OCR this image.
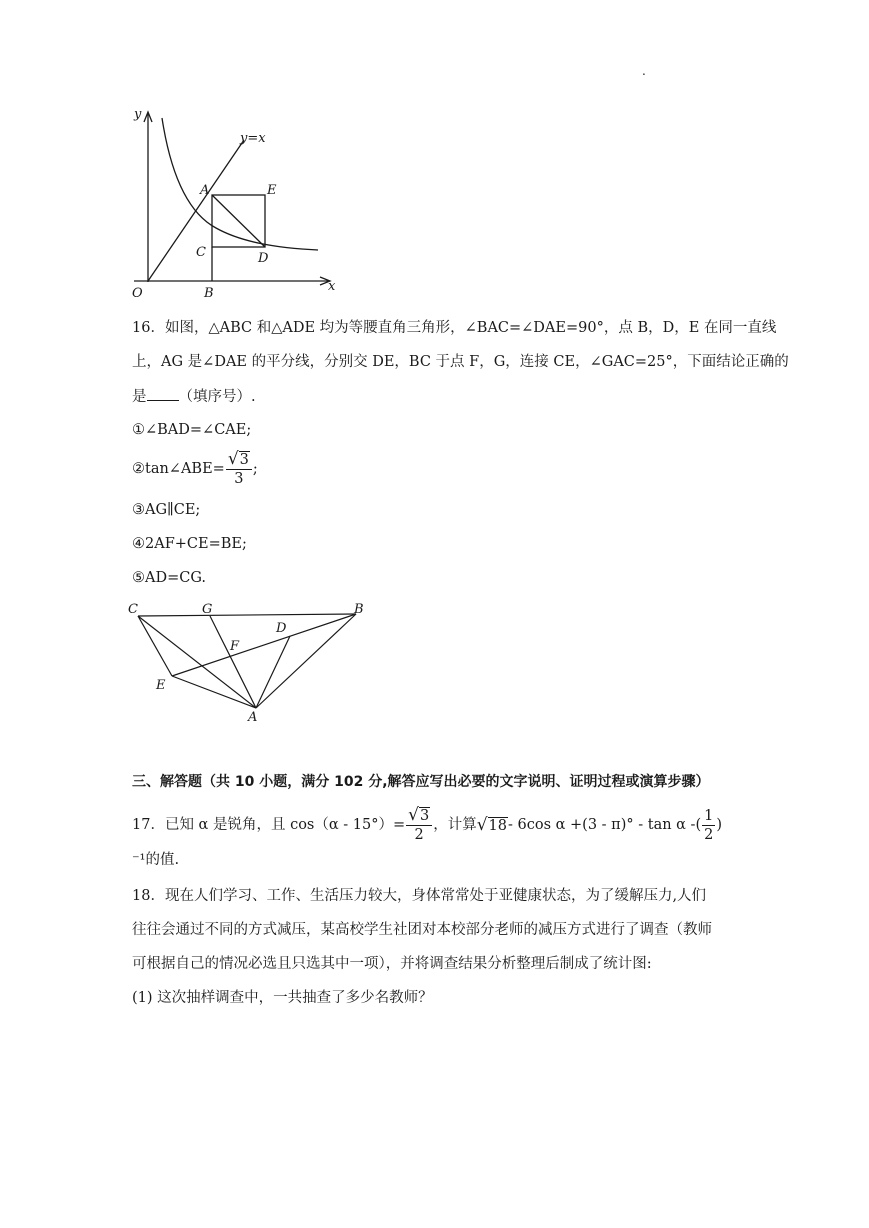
.
y
x
y=x
A	E
C	D
O	B
16．如图，△ABC 和△ADE 均为等腰直角三角形，∠BAC=∠DAE=90°，点 B，D，E 在同一直线
上，AG 是∠DAE 的平分线，分别交 DE，BC 于点 F，G，连接 CE，∠GAC=25°，下面结论正确的
是 （填序号）.
①∠BAD=∠CAE;
②tan∠ABE= $\frac{√3}{3}$ ;
③AG∥CE;
④2AF+CE=BE;
⑤AD=CG.
C	G	B
D
F
E
A
三、解答题（共 10 小题，满分 102 分,解答应写出必要的文字说明、证明过程或演算步骤）
17．已知 α 是锐角，且 $\cos(\alpha - 15^\circ)= \frac{√3}{2}$ ，计算√18- 6cos α +(3 - π)° - tan α -( $\frac{1}{2}$ )
⁻¹的值.
18．现在人们学习、工作、生活压力较大，身体常常处于亚健康状态，为了缓解压力,人们
往往会通过不同的方式减压，某高校学生社团对本校部分老师的减压方式进行了调查（教师
可根据自己的情况必选且只选其中一项），并将调查结果分析整理后制成了统计图:
(1) 这次抽样调查中，一共抽查了多少名教师？
